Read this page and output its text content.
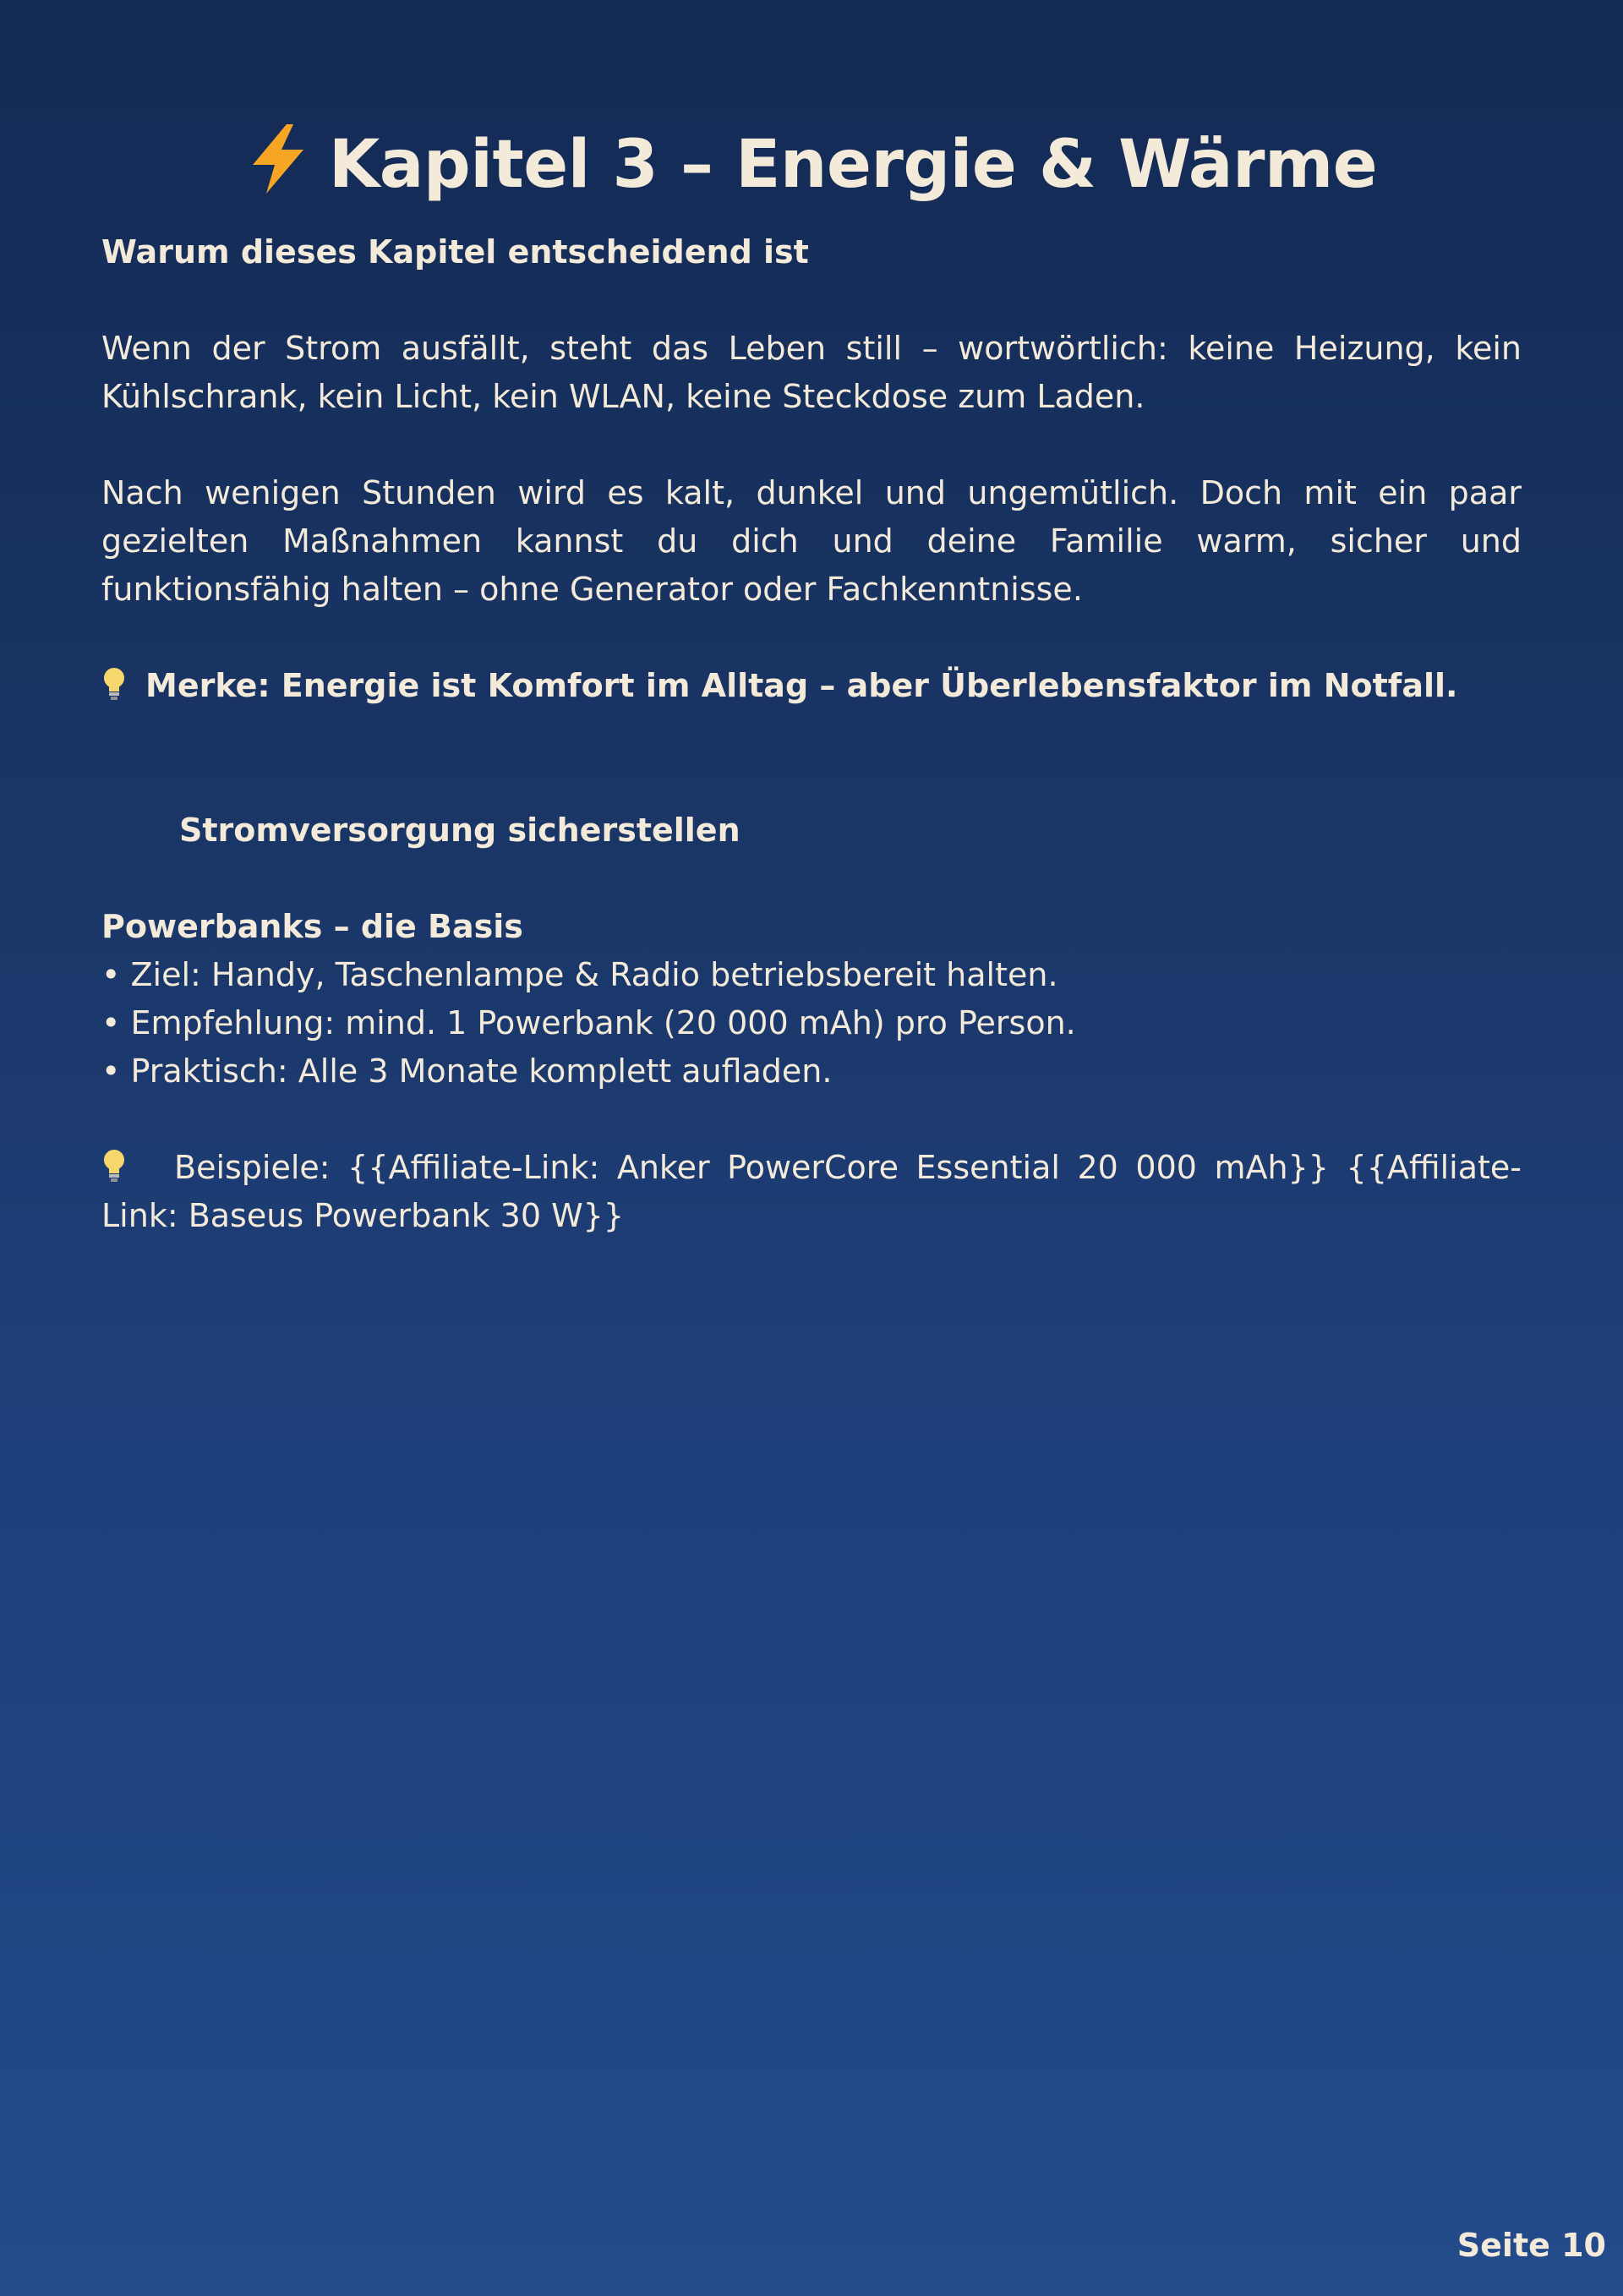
Kapitel 3 – Energie & Wärme

Warum dieses Kapitel entscheidend ist

Wenn der Strom ausfällt, steht das Leben still – wortwörtlich: keine Heizung, kein Kühlschrank, kein Licht, kein WLAN, keine Steckdose zum Laden.

Nach wenigen Stunden wird es kalt, dunkel und ungemütlich. Doch mit ein paar gezielten Maßnahmen kannst du dich und deine Familie warm, sicher und funktionsfähig halten – ohne Generator oder Fachkenntnisse.

Merke: Energie ist Komfort im Alltag – aber Überlebensfaktor im Notfall.

Stromversorgung sicherstellen

Powerbanks – die Basis

• Ziel: Handy, Taschenlampe & Radio betriebsbereit halten.

• Empfehlung: mind. 1 Powerbank (20 000 mAh) pro Person.

• Praktisch: Alle 3 Monate komplett aufladen.

Beispiele: {{Affiliate-Link: Anker PowerCore Essential 20 000 mAh}} {{Affiliate-Link: Baseus Powerbank 30 W}}

Seite 10
